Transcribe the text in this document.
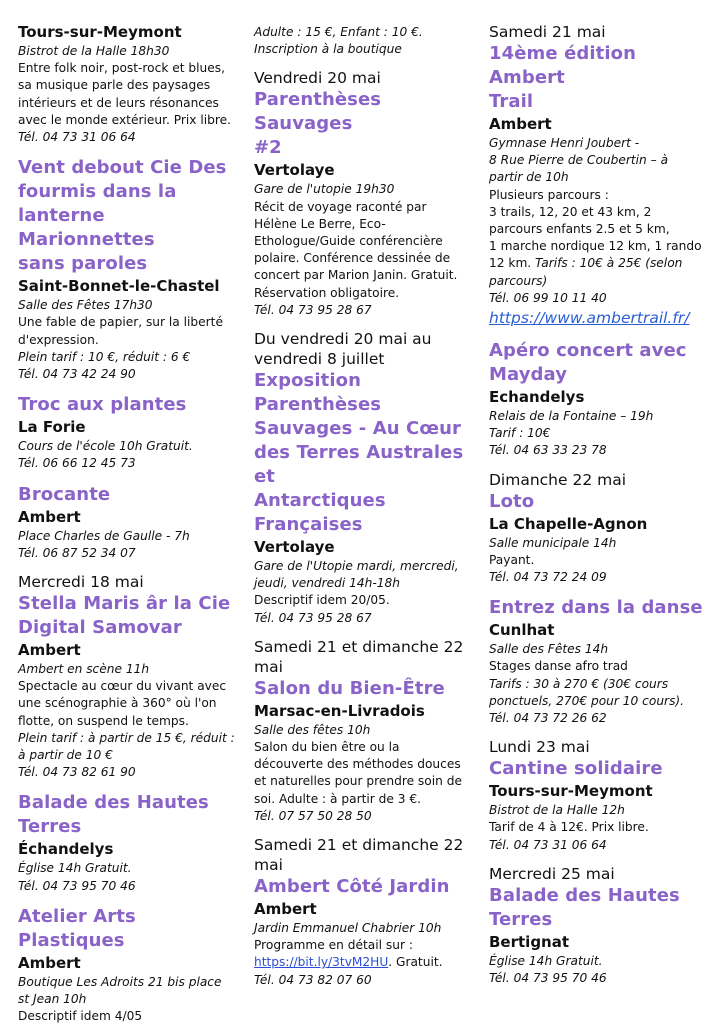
Tours-sur-Meymont
Bistrot de la Halle 18h30
Entre folk noir, post-rock et blues,
sa musique parle des paysages
intérieurs et de leurs résonances
avec le monde extérieur. Prix libre.
Tél. 04 73 31 06 64
Vent debout Cie Des
fourmis dans la
lanterne Marionnettes
sans paroles
Saint-Bonnet-le-Chastel
Salle des Fêtes 17h30
Une fable de papier, sur la liberté
d'expression.
Plein tarif : 10 €, réduit : 6 €
Tél. 04 73 42 24 90
Troc aux plantes
La Forie
Cours de l'école 10h Gratuit.
Tél. 06 66 12 45 73
Brocante
Ambert
Place Charles de Gaulle - 7h
Tél. 06 87 52 34 07
Mercredi 18 mai
Stella Maris âr la Cie
Digital Samovar
Ambert
Ambert en scène 11h
Spectacle au cœur du vivant avec
une scénographie à 360° où l'on
flotte, on suspend le temps.
Plein tarif : à partir de 15 €, réduit :
à partir de 10 €
Tél. 04 73 82 61 90
Balade des Hautes
Terres
Échandelys
Église 14h Gratuit.
Tél. 04 73 95 70 46
Atelier Arts Plastiques
Ambert
Boutique Les Adroits 21 bis place
st Jean 10h
Descriptif idem 4/05
Adulte : 15 €, Enfant : 10 €.
Inscription à la boutique
Vendredi 20 mai
Parenthèses Sauvages
#2
Vertolaye
Gare de l'utopie 19h30
Récit de voyage raconté par
Hélène Le Berre, Eco-
Ethologue/Guide conférencière
polaire. Conférence dessinée de
concert par Marion Janin. Gratuit.
Réservation obligatoire.
Tél. 04 73 95 28 67
Du vendredi 20 mai au
vendredi 8 juillet
Exposition Parenthèses
Sauvages - Au Cœur
des Terres Australes et
Antarctiques
Françaises
Vertolaye
Gare de l'Utopie mardi, mercredi,
jeudi, vendredi 14h-18h
Descriptif idem 20/05.
Tél. 04 73 95 28 67
Samedi 21 et dimanche 22
mai
Salon du Bien-Être
Marsac-en-Livradois
Salle des fêtes 10h
Salon du bien être ou la
découverte des méthodes douces
et naturelles pour prendre soin de
soi. Adulte : à partir de 3 €.
Tél. 07 57 50 28 50
Samedi 21 et dimanche 22
mai
Ambert Côté Jardin
Ambert
Jardin Emmanuel Chabrier 10h
Programme en détail sur :
https://bit.ly/3tvM2HU. Gratuit.
Tél. 04 73 82 07 60
Samedi 21 mai
14ème édition Ambert
Trail
Ambert
Gymnase Henri Joubert -
8 Rue Pierre de Coubertin – à
partir de 10h
Plusieurs parcours :
3 trails, 12, 20 et 43 km, 2
parcours enfants 2.5 et 5 km,
1 marche nordique 12 km, 1 rando
12 km. Tarifs : 10€ à 25€ (selon
parcours)
Tél. 06 99 10 11 40
https://www.ambertrail.fr/
Apéro concert avec
Mayday
Echandelys
Relais de la Fontaine – 19h
Tarif : 10€
Tél. 04 63 33 23 78
Dimanche 22 mai
Loto
La Chapelle-Agnon
Salle municipale 14h
Payant.
Tél. 04 73 72 24 09
Entrez dans la danse
Cunlhat
Salle des Fêtes 14h
Stages danse afro trad
Tarifs : 30 à 270 € (30€ cours
ponctuels, 270€ pour 10 cours).
Tél. 04 73 72 26 62
Lundi 23 mai
Cantine solidaire
Tours-sur-Meymont
Bistrot de la Halle 12h
Tarif de 4 à 12€. Prix libre.
Tél. 04 73 31 06 64
Mercredi 25 mai
Balade des Hautes
Terres
Bertignat
Église 14h Gratuit.
Tél. 04 73 95 70 46
